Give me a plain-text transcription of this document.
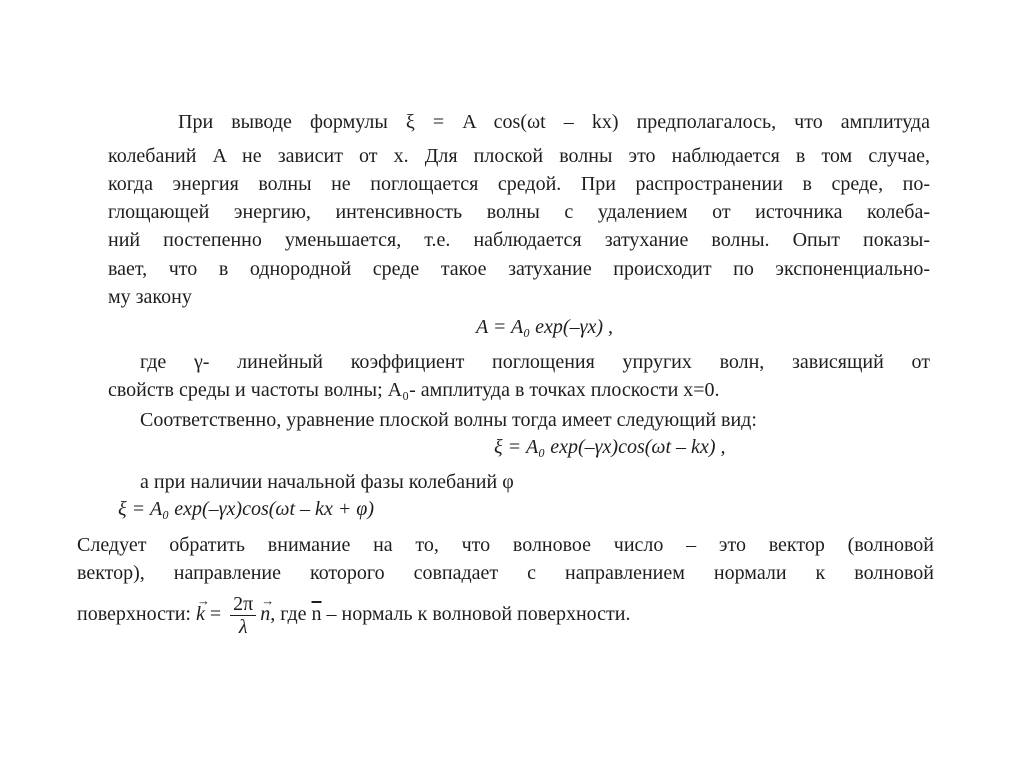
При выводе формулы ξ = A cos(ωt – kx) предполагалось, что амплитуда
колебаний A не зависит от x. Для плоской волны это наблюдается в том случае,
когда энергия волны не поглощается средой. При распространении в среде, по-
глощающей энергию, интенсивность волны с удалением от источника колеба-
ний постепенно уменьшается, т.е. наблюдается затухание волны. Опыт показы-
вает, что в однородной среде такое затухание происходит по экспоненциально-
му закону
A = A₀ exp(–γx) ,
где γ- линейный коэффициент поглощения упругих волн, зависящий от
свойств среды и частоты волны; A₀- амплитуда в точках плоскости x=0.
Соответственно, уравнение плоской волны тогда имеет следующий вид:
ξ = A₀ exp(–γx)cos(ωt – kx) ,
а при наличии начальной фазы колебаний φ
ξ = A₀ exp(–γx)cos(ωt – kx + φ)
Следует обратить внимание на то, что волновое число – это вектор (волновой
вектор), направление которого совпадает с направлением нормали к волновой
поверхности: → $k = \frac{2\pi}{\lambda} \to n$, где $\overline{n}$ – нормаль к волновой поверхности.
